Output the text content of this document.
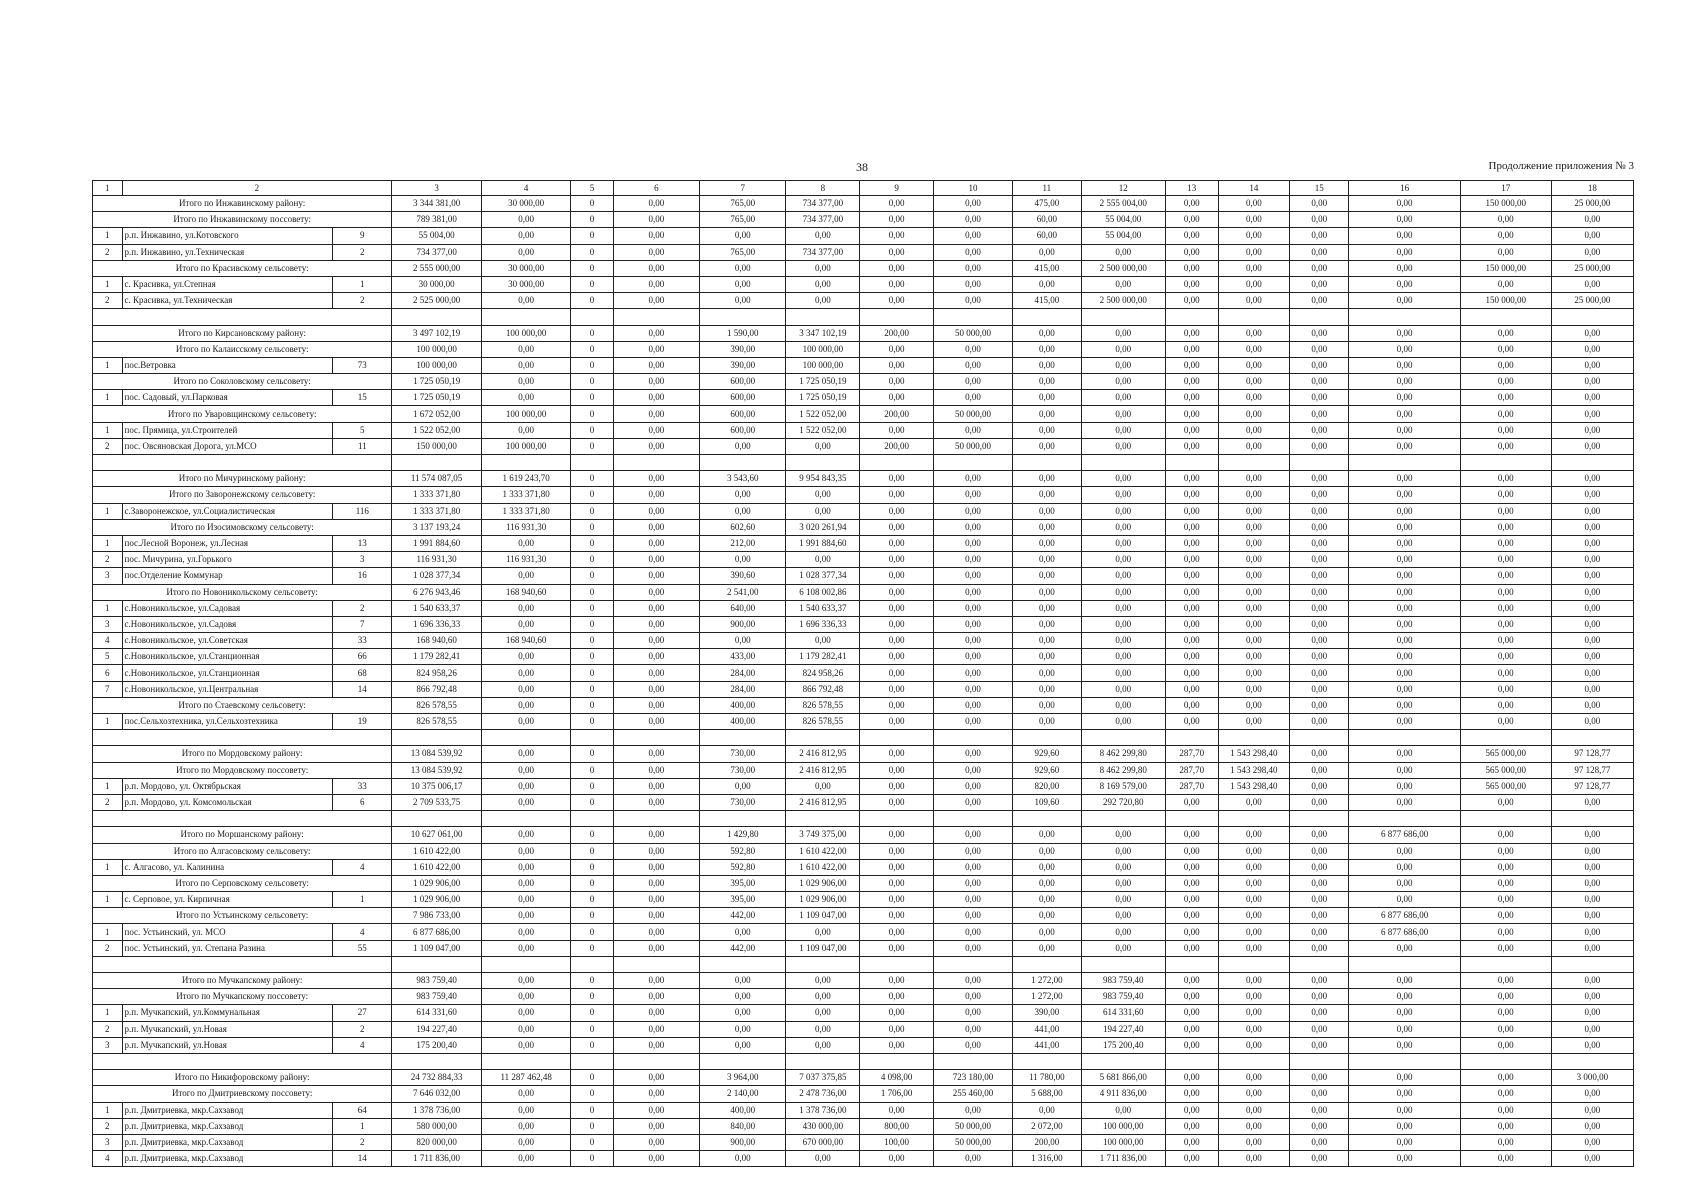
38	Продолжение приложения № 3
1	2		3	4	5	6	7	8	9	10	11	12	13	14	15	16	17	18
Итого по Инжавинскому району:			3 344 381,00	30 000,00	0	0,00	765,00	734 377,00	0,00	0,00	475,00	2 555 004,00	0,00	0,00	0,00	0,00	150 000,00	25 000,00
Итого по Инжавинскому поссовету:			789 381,00	0,00	0	0,00	765,00	734 377,00	0,00	0,00	60,00	55 004,00	0,00	0,00	0,00	0,00	0,00	0,00
1	р.п. Инжавино, ул.Котовского	9	55 004,00	0,00	0	0,00	0,00	0,00	0,00	0,00	60,00	55 004,00	0,00	0,00	0,00	0,00	0,00	0,00
2	р.п. Инжавино, ул.Техническая	2	734 377,00	0,00	0	0,00	765,00	734 377,00	0,00	0,00	0,00	0,00	0,00	0,00	0,00	0,00	0,00	0,00
Итого по Красивскому сельсовету:			2 555 000,00	30 000,00	0	0,00	0,00	0,00	0,00	0,00	415,00	2 500 000,00	0,00	0,00	0,00	0,00	150 000,00	25 000,00
1	с. Красивка, ул.Степная	1	30 000,00	30 000,00	0	0,00	0,00	0,00	0,00	0,00	0,00	0,00	0,00	0,00	0,00	0,00	0,00	0,00
2	с. Красивка, ул.Техническая	2	2 525 000,00	0,00	0	0,00	0,00	0,00	0,00	0,00	415,00	2 500 000,00	0,00	0,00	0,00	0,00	150 000,00	25 000,00

Итого по Кирсановскому району:			3 497 102,19	100 000,00	0	0,00	1 590,00	3 347 102,19	200,00	50 000,00	0,00	0,00	0,00	0,00	0,00	0,00	0,00	0,00
Итого по Калаисскому сельсовету:			100 000,00	0,00	0	0,00	390,00	100 000,00	0,00	0,00	0,00	0,00	0,00	0,00	0,00	0,00	0,00	0,00
1	пос.Ветровка	73	100 000,00	0,00	0	0,00	390,00	100 000,00	0,00	0,00	0,00	0,00	0,00	0,00	0,00	0,00	0,00	0,00
Итого по Соколовскому сельсовету:			1 725 050,19	0,00	0	0,00	600,00	1 725 050,19	0,00	0,00	0,00	0,00	0,00	0,00	0,00	0,00	0,00	0,00
1	пос. Садовый, ул.Парковая	15	1 725 050,19	0,00	0	0,00	600,00	1 725 050,19	0,00	0,00	0,00	0,00	0,00	0,00	0,00	0,00	0,00	0,00
Итого по Уваровщинскому сельсовету:			1 672 052,00	100 000,00	0	0,00	600,00	1 522 052,00	200,00	50 000,00	0,00	0,00	0,00	0,00	0,00	0,00	0,00	0,00
1	пос. Прямица, ул.Строителей	5	1 522 052,00	0,00	0	0,00	600,00	1 522 052,00	0,00	0,00	0,00	0,00	0,00	0,00	0,00	0,00	0,00	0,00
2	пос. Овсяновская Дорога, ул.МСО	11	150 000,00	100 000,00	0	0,00	0,00	0,00	200,00	50 000,00	0,00	0,00	0,00	0,00	0,00	0,00	0,00	0,00

Итого по Мичуринскому району:			11 574 087,05	1 619 243,70	0	0,00	3 543,60	9 954 843,35	0,00	0,00	0,00	0,00	0,00	0,00	0,00	0,00	0,00	0,00
Итого по Заворонежскому сельсовету:			1 333 371,80	1 333 371,80	0	0,00	0,00	0,00	0,00	0,00	0,00	0,00	0,00	0,00	0,00	0,00	0,00	0,00
1	с.Заворонежское, ул.Социалистическая	116	1 333 371,80	1 333 371,80	0	0,00	0,00	0,00	0,00	0,00	0,00	0,00	0,00	0,00	0,00	0,00	0,00	0,00
Итого по Изосимовскому сельсовету:			3 137 193,24	116 931,30	0	0,00	602,60	3 020 261,94	0,00	0,00	0,00	0,00	0,00	0,00	0,00	0,00	0,00	0,00
1	пос.Лесной Воронеж, ул.Лесная	13	1 991 884,60	0,00	0	0,00	212,00	1 991 884,60	0,00	0,00	0,00	0,00	0,00	0,00	0,00	0,00	0,00	0,00
2	пос. Мичурина, ул.Горького	3	116 931,30	116 931,30	0	0,00	0,00	0,00	0,00	0,00	0,00	0,00	0,00	0,00	0,00	0,00	0,00	0,00
3	пос.Отделение Коммунар	16	1 028 377,34	0,00	0	0,00	390,60	1 028 377,34	0,00	0,00	0,00	0,00	0,00	0,00	0,00	0,00	0,00	0,00
Итого по Новоникольскому сельсовету:			6 276 943,46	168 940,60	0	0,00	2 541,00	6 108 002,86	0,00	0,00	0,00	0,00	0,00	0,00	0,00	0,00	0,00	0,00
1	с.Новоникольское, ул.Садовая	2	1 540 633,37	0,00	0	0,00	640,00	1 540 633,37	0,00	0,00	0,00	0,00	0,00	0,00	0,00	0,00	0,00	0,00
3	с.Новоникольское, ул.Садовя	7	1 696 336,33	0,00	0	0,00	900,00	1 696 336,33	0,00	0,00	0,00	0,00	0,00	0,00	0,00	0,00	0,00	0,00
4	с.Новоникольское, ул.Советская	33	168 940,60	168 940,60	0	0,00	0,00	0,00	0,00	0,00	0,00	0,00	0,00	0,00	0,00	0,00	0,00	0,00
5	с.Новоникольское, ул.Станционная	66	1 179 282,41	0,00	0	0,00	433,00	1 179 282,41	0,00	0,00	0,00	0,00	0,00	0,00	0,00	0,00	0,00	0,00
6	с.Новоникольское, ул.Станционная	68	824 958,26	0,00	0	0,00	284,00	824 958,26	0,00	0,00	0,00	0,00	0,00	0,00	0,00	0,00	0,00	0,00
7	с.Новоникольское, ул.Центральная	14	866 792,48	0,00	0	0,00	284,00	866 792,48	0,00	0,00	0,00	0,00	0,00	0,00	0,00	0,00	0,00	0,00
Итого по Стаевскому сельсовету:			826 578,55	0,00	0	0,00	400,00	826 578,55	0,00	0,00	0,00	0,00	0,00	0,00	0,00	0,00	0,00	0,00
1	пос.Сельхозтехника, ул.Сельхозтехника	19	826 578,55	0,00	0	0,00	400,00	826 578,55	0,00	0,00	0,00	0,00	0,00	0,00	0,00	0,00	0,00	0,00

Итого по Мордовскому району:			13 084 539,92	0,00	0	0,00	730,00	2 416 812,95	0,00	0,00	929,60	8 462 299,80	287,70	1 543 298,40	0,00	0,00	565 000,00	97 128,77
Итого по Мордовскому поссовету:			13 084 539,92	0,00	0	0,00	730,00	2 416 812,95	0,00	0,00	929,60	8 462 299,80	287,70	1 543 298,40	0,00	0,00	565 000,00	97 128,77
1	р.п. Мордово, ул. Октябрьская	33	10 375 006,17	0,00	0	0,00	0,00	0,00	0,00	0,00	820,00	8 169 579,00	287,70	1 543 298,40	0,00	0,00	565 000,00	97 128,77
2	р.п. Мордово, ул. Комсомольская	6	2 709 533,75	0,00	0	0,00	730,00	2 416 812,95	0,00	0,00	109,60	292 720,80	0,00	0,00	0,00	0,00	0,00	0,00

Итого по Моршанскому району:			10 627 061,00	0,00	0	0,00	1 429,80	3 749 375,00	0,00	0,00	0,00	0,00	0,00	0,00	0,00	6 877 686,00	0,00	0,00
Итого по Алгасовскому сельсовету:			1 610 422,00	0,00	0	0,00	592,80	1 610 422,00	0,00	0,00	0,00	0,00	0,00	0,00	0,00	0,00	0,00	0,00
1	с. Алгасово, ул. Калинина	4	1 610 422,00	0,00	0	0,00	592,80	1 610 422,00	0,00	0,00	0,00	0,00	0,00	0,00	0,00	0,00	0,00	0,00
Итого по Серповскому сельсовету:			1 029 906,00	0,00	0	0,00	395,00	1 029 906,00	0,00	0,00	0,00	0,00	0,00	0,00	0,00	0,00	0,00	0,00
1	с. Серповое, ул. Кирпичная	1	1 029 906,00	0,00	0	0,00	395,00	1 029 906,00	0,00	0,00	0,00	0,00	0,00	0,00	0,00	0,00	0,00	0,00
Итого по Устьинскому сельсовету:			7 986 733,00	0,00	0	0,00	442,00	1 109 047,00	0,00	0,00	0,00	0,00	0,00	0,00	0,00	6 877 686,00	0,00	0,00
1	пос. Устьинский, ул. МСО	4	6 877 686,00	0,00	0	0,00	0,00	0,00	0,00	0,00	0,00	0,00	0,00	0,00	0,00	6 877 686,00	0,00	0,00
2	пос. Устьинский, ул. Степана Разина	55	1 109 047,00	0,00	0	0,00	442,00	1 109 047,00	0,00	0,00	0,00	0,00	0,00	0,00	0,00	0,00	0,00	0,00

Итого по Мучкапскому району:			983 759,40	0,00	0	0,00	0,00	0,00	0,00	0,00	1 272,00	983 759,40	0,00	0,00	0,00	0,00	0,00	0,00
Итого по Мучкапскому поссовету:			983 759,40	0,00	0	0,00	0,00	0,00	0,00	0,00	1 272,00	983 759,40	0,00	0,00	0,00	0,00	0,00	0,00
1	р.п. Мучкапский, ул.Коммунальная	27	614 331,60	0,00	0	0,00	0,00	0,00	0,00	0,00	390,00	614 331,60	0,00	0,00	0,00	0,00	0,00	0,00
2	р.п. Мучкапский, ул.Новая	2	194 227,40	0,00	0	0,00	0,00	0,00	0,00	0,00	441,00	194 227,40	0,00	0,00	0,00	0,00	0,00	0,00
3	р.п. Мучкапский, ул.Новая	4	175 200,40	0,00	0	0,00	0,00	0,00	0,00	0,00	441,00	175 200,40	0,00	0,00	0,00	0,00	0,00	0,00

Итого по Никифоровскому району:			24 732 884,33	11 287 462,48	0	0,00	3 964,00	7 037 375,85	4 098,00	723 180,00	11 780,00	5 681 866,00	0,00	0,00	0,00	0,00	0,00	3 000,00
Итого по Дмитриевскому поссовету:			7 646 032,00	0,00	0	0,00	2 140,00	2 478 736,00	1 706,00	255 460,00	5 688,00	4 911 836,00	0,00	0,00	0,00	0,00	0,00	0,00
1	р.п. Дмитриевка, мкр.Сахзавод	64	1 378 736,00	0,00	0	0,00	400,00	1 378 736,00	0,00	0,00	0,00	0,00	0,00	0,00	0,00	0,00	0,00	0,00
2	р.п. Дмитриевка, мкр.Сахзавод	1	580 000,00	0,00	0	0,00	840,00	430 000,00	800,00	50 000,00	2 072,00	100 000,00	0,00	0,00	0,00	0,00	0,00	0,00
3	р.п. Дмитриевка, мкр.Сахзавод	2	820 000,00	0,00	0	0,00	900,00	670 000,00	100,00	50 000,00	200,00	100 000,00	0,00	0,00	0,00	0,00	0,00	0,00
4	р.п. Дмитриевка, мкр.Сахзавод	14	1 711 836,00	0,00	0	0,00	0,00	0,00	0,00	0,00	1 316,00	1 711 836,00	0,00	0,00	0,00	0,00	0,00	0,00
